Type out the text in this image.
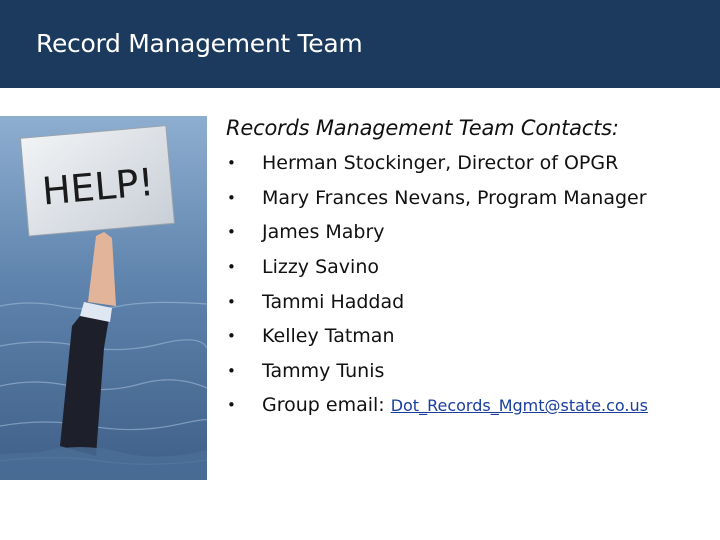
Record Management Team
HELP!
Records Management Team Contacts:
•	Herman Stockinger, Director of OPGR
•	Mary Frances Nevans, Program Manager
•	James Mabry
•	Lizzy Savino
•	Tammi Haddad
•	Kelley Tatman
•	Tammy Tunis
•	Group email: Dot_Records_Mgmt@state.co.us
